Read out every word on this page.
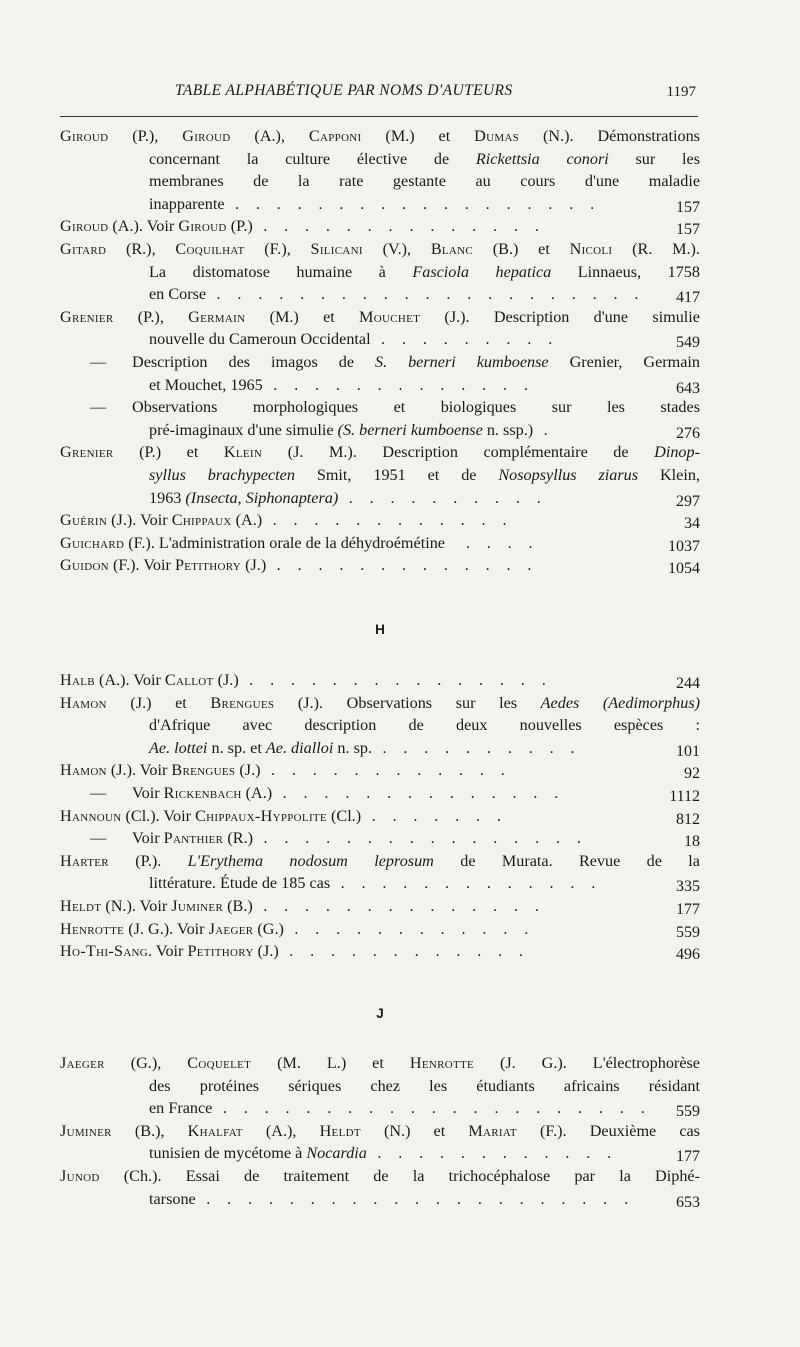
TABLE ALPHABÉTIQUE PAR NOMS D'AUTEURS	1197
Giroud (P.), Giroud (A.), Capponi (M.) et Dumas (N.). Démonstrations
concernant la culture élective de Rickettsia conori sur les
membranes de la rate gestante au cours d'une maladie
inapparente . . . . . . . . . . . . . . . . . .	157
Giroud (A.). Voir Giroud (P.) . . . . . . . . . . . . . .	157
Gitard (R.), Coquilhat (F.), Silicani (V.), Blanc (B.) et Nicoli (R. M.).
La distomatose humaine à Fasciola hepatica Linnaeus, 1758
en Corse . . . . . . . . . . . . . . . . . . . . . 417
Grenier (P.), Germain (M.) et Mouchet (J.). Description d'une simulie
nouvelle du Cameroun Occidental . . . . . . . . .	549
— Description des imagos de S. berneri kumboense Grenier, Germain
et Mouchet, 1965 . . . . . . . . . . . . .	643
— Observations morphologiques et biologiques sur les stades
pré-imaginaux d'une simulie (S. berneri kumboense n. ssp.) .	276
Grenier (P.) et Klein (J. M.). Description complémentaire de Dinop-
syllus brachypecten Smit, 1951 et de Nosopsyllus ziarus Klein,
1963 (Insecta, Siphonaptera) . . . . . . . . . .	297
Guérin (J.). Voir Chippaux (A.) . . . . . . . . . . . .	34
Guichard (F.). L'administration orale de la déhydroémétine  . . . .	1037
Guidon (F.). Voir Petithory (J.) . . . . . . . . . . . . .	1054
H
Halb (A.). Voir Callot (J.) . . . . . . . . . . . . . . .	244
Hamon (J.) et Brengues (J.). Observations sur les Aedes (Aedimorphus)
d'Afrique avec description de deux nouvelles espèces :
Ae. lottei n. sp. et Ae. dialloi n. sp. . . . . . . . . . .	101
Hamon (J.). Voir Brengues (J.) . . . . . . . . . . . .	92
— Voir Rickenbach (A.) . . . . . . . . . . . . . .	1112
Hannoun (Cl.). Voir Chippaux-Hyppolite (Cl.) . . . . . . .	812
— Voir Panthier (R.) . . . . . . . . . . . . . . . .	18
Harter (P.). L'Erythema nodosum leprosum de Murata. Revue de la
littérature. Étude de 185 cas . . . . . . . . . . . . .	335
Heldt (N.). Voir Juminer (B.) . . . . . . . . . . . . . .	177
Henrotte (J. G.). Voir Jaeger (G.) . . . . . . . . . . . .	559
Ho-Thi-Sang. Voir Petithory (J.) . . . . . . . . . . . .	496
J
Jaeger (G.), Coquelet (M. L.) et Henrotte (J. G.). L'électrophorèse
des protéines sériques chez les étudiants africains résidant
en France . . . . . . . . . . . . . . . . . . . . . 559
Juminer (B.), Khalfat (A.), Heldt (N.) et Mariat (F.). Deuxième cas
tunisien de mycétome à Nocardia . . . . . . . . . . . .	177
Junod (Ch.). Essai de traitement de la trichocéphalose par la Diphé-
tarsone . . . . . . . . . . . . . . . . . . . . .	653
